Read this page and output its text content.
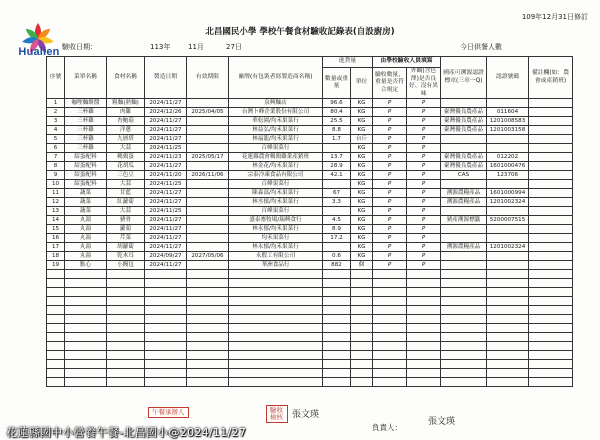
Hualien
109年12月31日修訂
北昌國民小學 學校午餐食材驗收記錄表(自設廚房)
驗收日期：	113年	11月	27日	今日供餐人數
序號	菜單名稱	食材名稱	製造日期	有效期限	廠牌(有包裝者寫製造商名稱)	進貨量		由學校驗收人員填寫		國產可溯源認證標章(三章一Q)	認證號碼	備註欄(如：農會或產銷班)
						數量或重量	單位	驗收數量、重量是否符合規定	外觀(含色澤)是否良好、沒有異味			

1	咖哩麵餅醬	粗麵(熟麵)	2024/11/27		泉興麵店	96.6	KG	P	P			
2	三杯雞	肉雞	2024/12/26	2025/04/05	台灣卜峰企業股份有限公司	80.4	KG	P	P	臺灣優良農產品	011604	
3	三杯雞	杏鮑菇	2024/11/27		華松園/均禾果菜行	25.5	KG	P	P	臺灣優良農產品	1201008583	
4	三杯雞	洋蔥	2024/11/27		林益弘/均禾果菜行	8.8	KG	P	P	臺灣優良農產品	1201003158	
5	三杯雞	九層塔	2024/11/27		林福龍/均禾果菜行	1.7	台斤	P	P			
6	三杯雞	大蒜	2024/11/25		百峰果菜行		KG	P	P			
7	紹蛋配料	鵪鶉蛋	2024/11/23	2025/05/17	花蓮縣農會鵪鶉雞業產銷班	13.7	KG	P	P	臺灣優良農產品	012202	
8	紹蛋配料	花胡瓜	2024/11/27		林金花/均禾果菜行	28.9	KG	P	P	臺灣優良農產品	1601000476	
9	紹蛋配料	三色豆	2024/11/20	2026/11/06	宗泰冷凍食品有限公司	42.1	KG	P	P	CAS	123706	
10	紹蛋配料	大蒜	2024/11/25		百峰果菜行		KG	P	P			
11	蔬菜	甘藍	2024/11/27		陳森部/均禾果菜行	67	KG	P	P	溯源農糧產品	1601000994	
12	蔬菜	紅蘿蔔	2024/11/27		林丞郁/均禾果菜行	3.3	KG	P	P	溯源農糧產品	1201002324	
13	蔬菜	大蒜	2024/11/25		百峰果菜行		KG	P	P			
14	丸湯	豬骨	2024/11/27		盛泰畜牧場/瑞興食行	4.5	KG	P	P	豬產溯源標籤	5200007515	
15	丸湯	蘿蔔	2024/11/27		林永郁/均禾果菜行	8.9	KG	P	P			
16	丸湯	芹菜	2024/11/27		均禾果菜行	17.2	KG	P	P			
17	丸湯	胡蘿蔔	2024/11/27		林永郁/均禾果菜行		KG	P	P	溯源農糧產品	1201002324	
18	丸湯	乾木耳	2024/09/27	2027/05/06	永殷工有限公司	0.6	KG	P	P			
19	點心	小饅包	2024/11/27		華洲食品行	882	個	P	P			

午餐承辦人	驗收檢核	張文瑛
張文瑛
負責人：
花蓮縣國中小營養午餐-北昌國小@2024/11/27
